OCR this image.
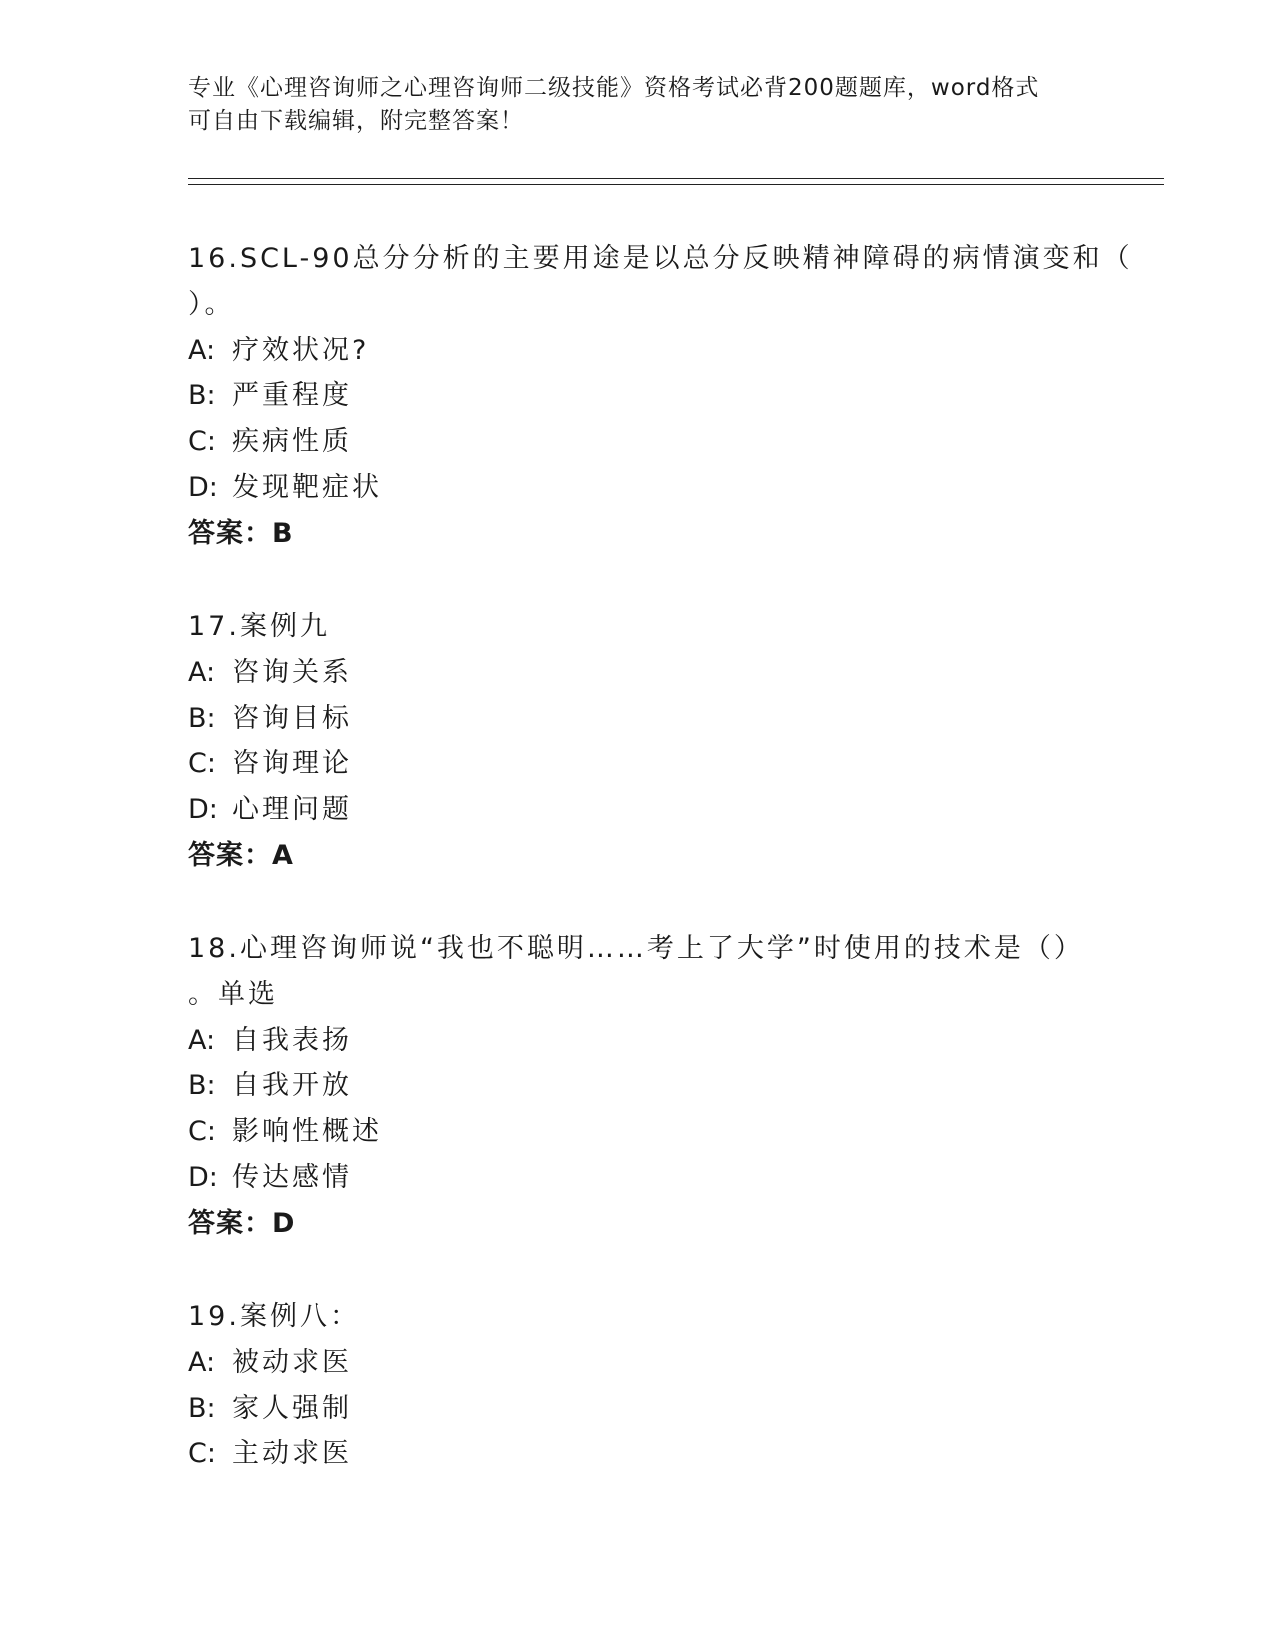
专业《心理咨询师之心理咨询师二级技能》资格考试必背200题题库，word格式
可自由下载编辑，附完整答案！
16.SCL-90总分分析的主要用途是以总分反映精神障碍的病情演变和（
）。
A: 疗效状况?
B: 严重程度
C: 疾病性质
D: 发现靶症状
答案：B
17.案例九
A: 咨询关系
B: 咨询目标
C: 咨询理论
D: 心理问题
答案：A
18.心理咨询师说“我也不聪明……考上了大学”时使用的技术是（）
。单选
A: 自我表扬
B: 自我开放
C: 影响性概述
D: 传达感情
答案：D
19.案例八：
A: 被动求医
B: 家人强制
C: 主动求医
